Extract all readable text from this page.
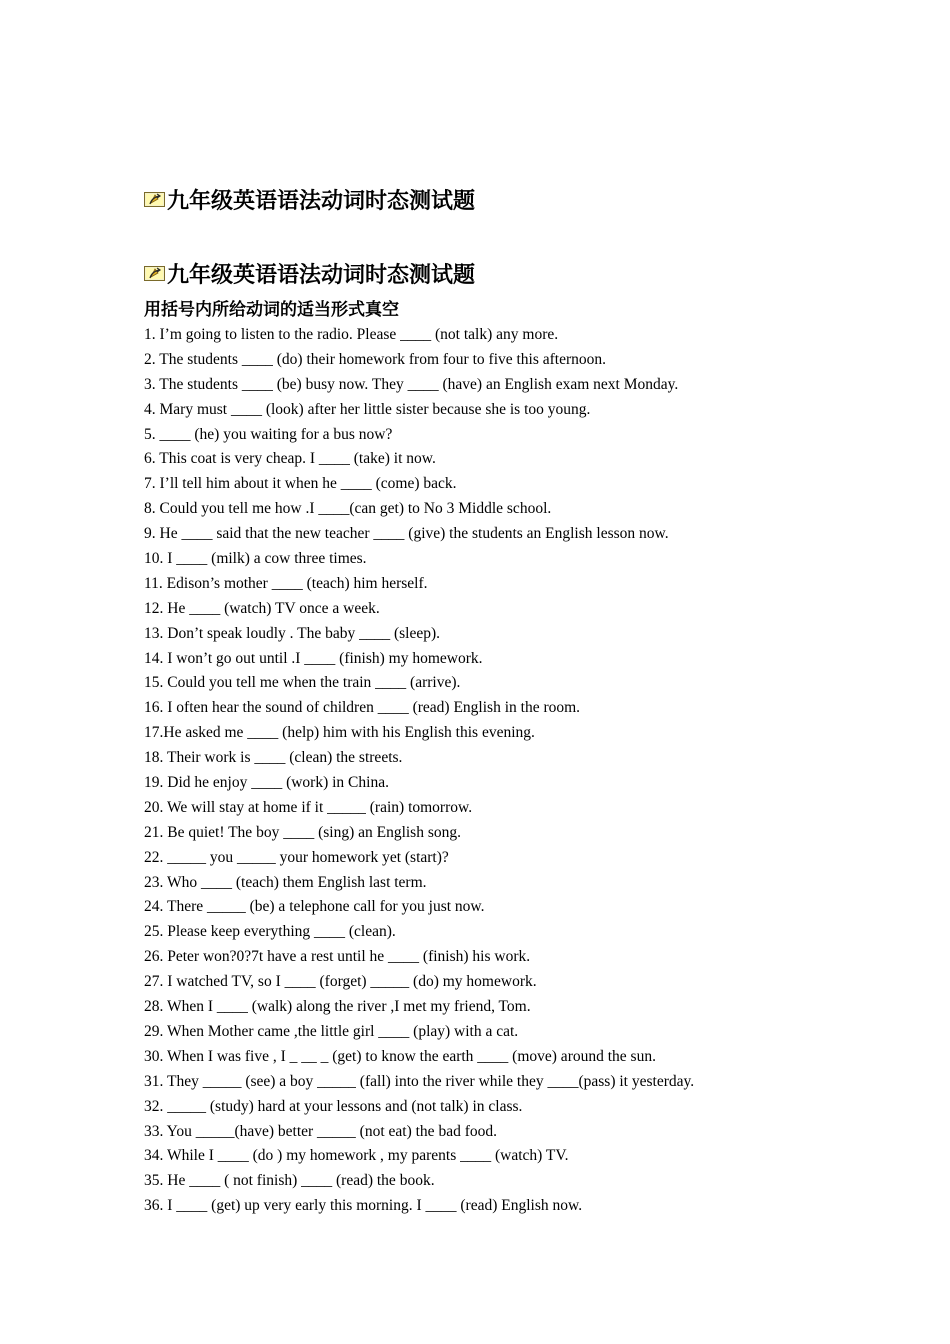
九年级英语语法动词时态测试题
九年级英语语法动词时态测试题
用括号内所给动词的适当形式真空
1. I’m going to listen to the radio. Please ____ (not talk) any more.
2. The students ____ (do) their homework from four to five this afternoon.
3. The students ____ (be) busy now. They ____ (have) an English exam next Monday.
4. Mary must ____ (look) after her little sister because she is too young.
5. ____ (he) you waiting for a bus now?
6. This coat is very cheap. I ____ (take) it now.
7. I’ll tell him about it when he ____ (come) back.
8. Could you tell me how .I ____(can get) to No 3 Middle school.
9. He ____ said that the new teacher ____ (give) the students an English lesson now.
10. I ____ (milk) a cow three times.
11. Edison’s mother ____ (teach) him herself.
12. He ____ (watch) TV once a week.
13. Don’t speak loudly . The baby ____ (sleep).
14. I won’t go out until .I ____ (finish) my homework.
15. Could you tell me when the train ____ (arrive).
16. I often hear the sound of children ____ (read) English in the room.
17.He asked me ____ (help) him with his English this evening.
18. Their work is ____ (clean) the streets.
19. Did he enjoy ____ (work) in China.
20. We will stay at home if it _____ (rain) tomorrow.
21. Be quiet! The boy ____ (sing) an English song.
22. _____ you _____ your homework yet (start)?
23. Who ____ (teach) them English last term.
24. There _____ (be) a telephone call for you just now.
25. Please keep everything ____ (clean).
26. Peter won?0?7t have a rest until he ____ (finish) his work.
27. I watched TV, so I ____ (forget) _____ (do) my homework.
28. When I ____ (walk) along the river ,I met my friend, Tom.
29. When Mother came ,the little girl ____ (play) with a cat.
30. When I was five , I _ __ _ (get) to know the earth ____ (move) around the sun.
31. They _____ (see) a boy _____ (fall) into the river while they ____(pass) it yesterday.
32. _____ (study) hard at your lessons and (not talk) in class.
33. You _____(have) better _____ (not eat) the bad food.
34. While I ____ (do ) my homework , my parents ____ (watch) TV.
35. He ____ ( not finish) ____ (read) the book.
36. I ____ (get) up very early this morning. I ____ (read) English now.
